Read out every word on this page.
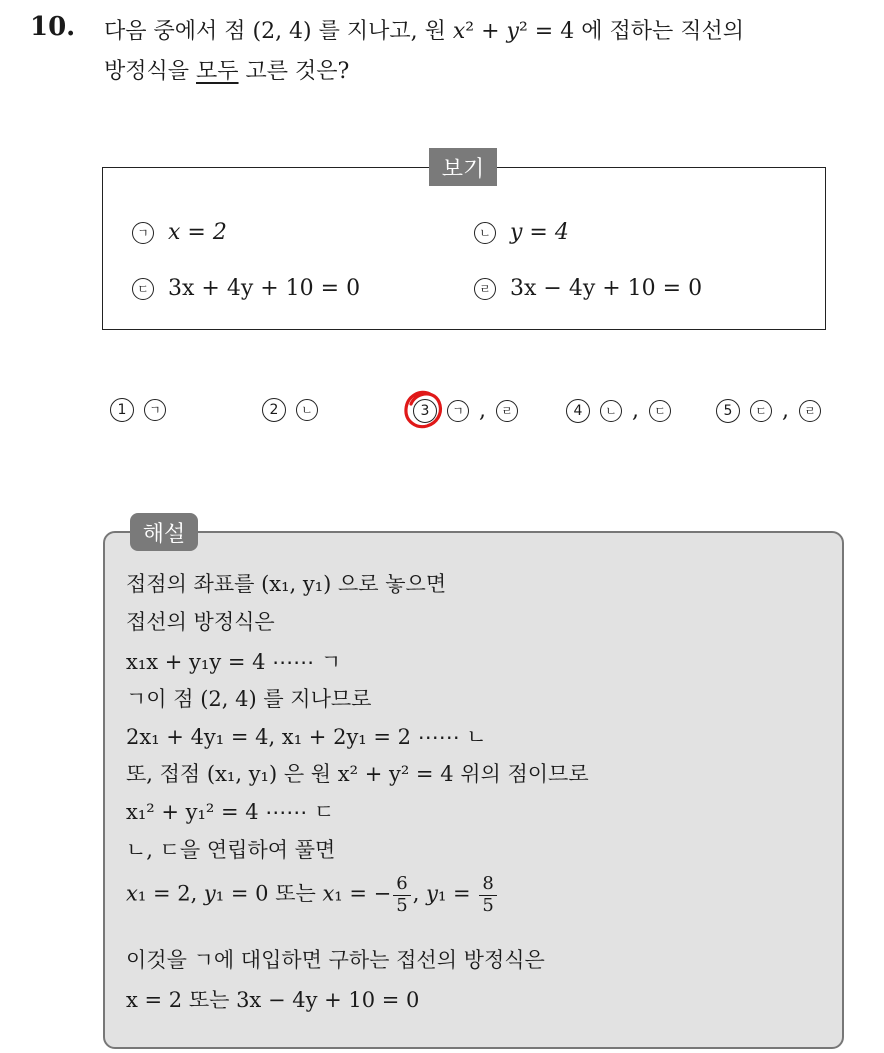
10. 다음 중에서 점 (2, 4) 를 지나고, 원 x² + y² = 4 에 접하는 직선의
방정식을 모두 고른 것은?
보기
ㄱ x = 2	ㄴ y = 4
ㄷ 3x + 4y + 10 = 0	ㄹ 3x − 4y + 10 = 0
1	ㄱ	2	ㄴ	3	ㄱ ,	ㄹ	4	ㄴ ,	ㄷ	5	ㄷ ,	ㄹ
해설
접점의 좌표를 (x₁, y₁) 으로 놓으면
접선의 방정식은
x₁x + y₁y = 4 ⋯⋯ ㄱ
ㄱ이 점 (2, 4) 를 지나므로
2x₁ + 4y₁ = 4, x₁ + 2y₁ = 2 ⋯⋯ ㄴ
또, 접점 (x₁, y₁) 은 원 x² + y² = 4 위의 점이므로
x₁² + y₁² = 4 ⋯⋯ ㄷ
ㄴ, ㄷ을 연립하여 풀면
x₁ = 2, y₁ = 0 또는 x₁ = − $\frac{6}{5}$ , $y_1 = \frac{8}{5}$
이것을 ㄱ에 대입하면 구하는 접선의 방정식은
x = 2 또는 3x − 4y + 10 = 0
